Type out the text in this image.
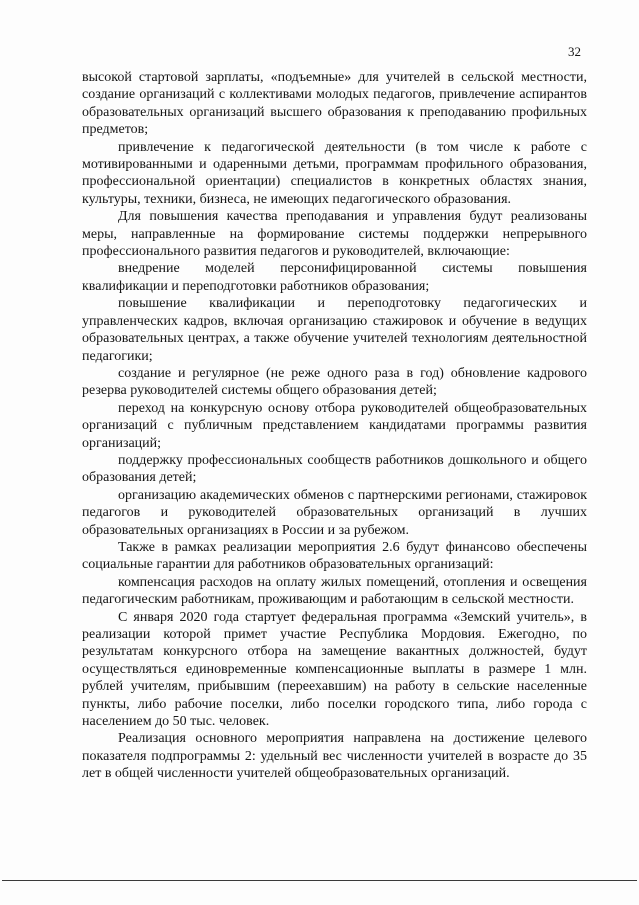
32

высокой стартовой зарплаты, «подъемные» для учителей в сельской местности, создание организаций с коллективами молодых педагогов, привлечение аспирантов образовательных организаций высшего образования к преподаванию профильных предметов;

привлечение к педагогической деятельности (в том числе к работе с мотивированными и одаренными детьми, программам профильного образования, профессиональной ориентации) специалистов в конкретных областях знания, культуры, техники, бизнеса, не имеющих педагогического образования.

Для повышения качества преподавания и управления будут реализованы меры, направленные на формирование системы поддержки непрерывного профессионального развития педагогов и руководителей, включающие:

внедрение моделей персонифицированной системы повышения квалификации и переподготовки работников образования;

повышение квалификации и переподготовку педагогических и управленческих кадров, включая организацию стажировок и обучение в ведущих образовательных центрах, а также обучение учителей технологиям деятельностной педагогики;

создание и регулярное (не реже одного раза в год) обновление кадрового резерва руководителей системы общего образования детей;

переход на конкурсную основу отбора руководителей общеобразовательных организаций с публичным представлением кандидатами программы развития организаций;

поддержку профессиональных сообществ работников дошкольного и общего образования детей;

организацию академических обменов с партнерскими регионами, стажировок педагогов и руководителей образовательных организаций в лучших образовательных организациях в России и за рубежом.

Также в рамках реализации мероприятия 2.6 будут финансово обеспечены социальные гарантии для работников образовательных организаций:

компенсация расходов на оплату жилых помещений, отопления и освещения педагогическим работникам, проживающим и работающим в сельской местности.

С января 2020 года стартует федеральная программа «Земский учитель», в реализации которой примет участие Республика Мордовия. Ежегодно, по результатам конкурсного отбора на замещение вакантных должностей, будут осуществляться единовременные компенсационные выплаты в размере 1 млн. рублей учителям, прибывшим (переехавшим) на работу в сельские населенные пункты, либо рабочие поселки, либо поселки городского типа, либо города с населением до 50 тыс. человек.

Реализация основного мероприятия направлена на достижение целевого показателя подпрограммы 2: удельный вес численности учителей в возрасте до 35 лет в общей численности учителей общеобразовательных организаций.
